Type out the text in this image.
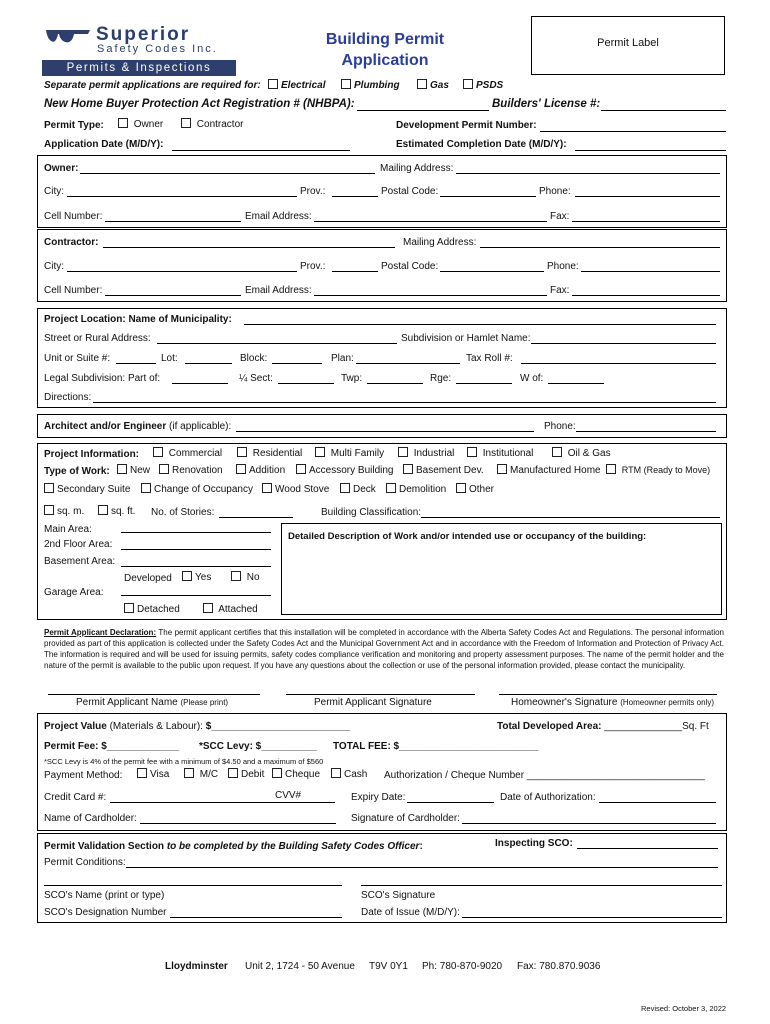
Superior
Safety Codes Inc.
Permits & Inspections
Building Permit
Application
Permit Label
Separate permit applications are required for:	Electrical	Plumbing	Gas	PSDS
New Home Buyer Protection Act Registration # (NHBPA):	Builders' License #:
Permit Type:	Owner	Contractor	Development Permit Number:
Application Date (M/D/Y):	Estimated Completion Date (M/D/Y):
Owner:	Mailing Address:
City:	Prov.:	Postal Code:	Phone:
Cell Number:	Email Address:	Fax:
Contractor:	Mailing Address:
City:	Prov.:	Postal Code:	Phone:
Cell Number:	Email Address:	Fax:
Project Location: Name of Municipality:
Street or Rural Address:	Subdivision or Hamlet Name:
Unit or Suite #:	Lot:	Block:	Plan:	Tax Roll #:
Legal Subdivision: Part of:	¼ Sect:	Twp:	Rge:	W of:
Directions:
Architect and/or Engineer (if applicable):	Phone:
Project Information:	Commercial	Residential	Multi Family	Industrial	Institutional	Oil & Gas
Type of Work:	New	Renovation	Addition	Accessory Building	Basement Dev.	Manufactured Home	RTM (Ready to Move)
Secondary Suite	Change of Occupancy	Wood Stove	Deck	Demolition	Other
sq. m.	sq. ft. No. of Stories:	Building Classification:
Main Area:
2nd Floor Area:
Basement Area:
Developed	Yes	No
Garage Area:
Detached	Attached
Detailed Description of Work and/or intended use or occupancy of the building:
Permit Applicant Declaration: The permit applicant certifies that this installation will be completed in accordance with the Alberta Safety Codes Act and Regulations. The personal information provided as part of this application is collected under the Safety Codes Act and the Municipal Government Act and in accordance with the Freedom of Information and Protection of Privacy Act. The information is required and will be used for issuing permits, safety codes compliance verification and monitoring and property assessment purposes. The name of the permit holder and the nature of the permit is available to the public upon request. If you have any questions about the collection or use of the personal information provided, please contact the municipality.
Permit Applicant Name (Please print)	Permit Applicant Signature	Homeowner's Signature (Homeowner permits only)
Project Value (Materials & Labour): $_________________________	Total Developed Area: ______________Sq. Ft
Permit Fee: $_____________ *SCC Levy: $__________ TOTAL FEE: $_________________________
*SCC Levy is 4% of the permit fee with a minimum of $4.50 and a maximum of $560
Payment Method:	Visa	M/C	Debit	Cheque	Cash Authorization / Cheque Number ________________________________
Credit Card #:	CVV#	Expiry Date:	Date of Authorization:
Name of Cardholder:	Signature of Cardholder:
Permit Validation Section to be completed by the Building Safety Codes Officer:	Inspecting SCO:
Permit Conditions:
SCO's Name (print or type)	SCO's Signature
SCO's Designation Number	Date of Issue (M/D/Y):
Lloydminster Unit 2, 1724 - 50 Avenue T9V 0Y1 Ph: 780-870-9020 Fax: 780.870.9036
Revised: October 3, 2022
